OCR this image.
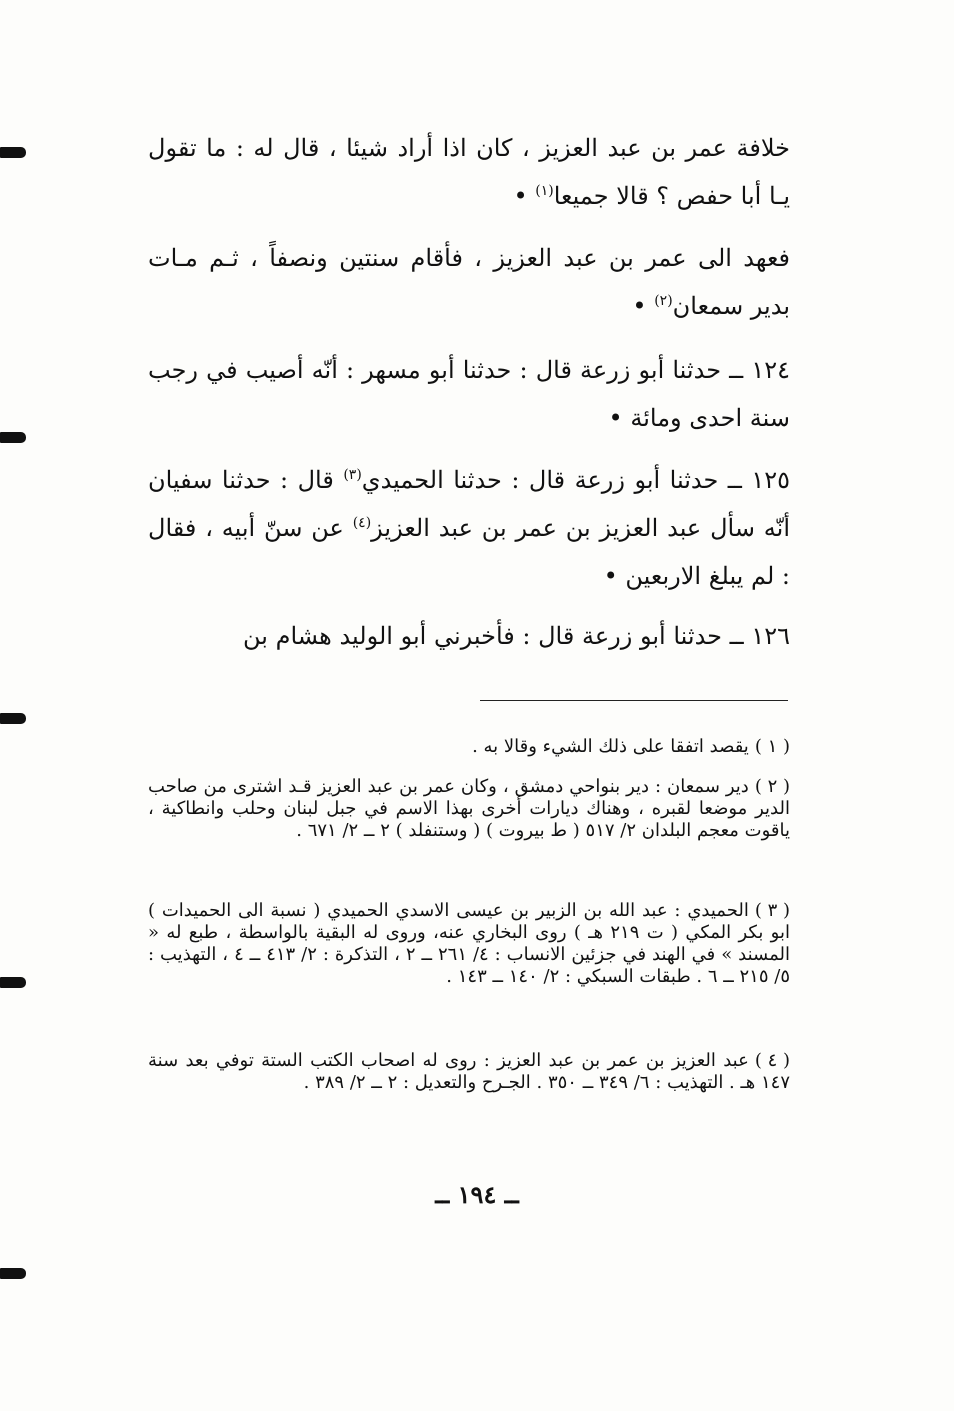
خلافة عمر بن عبد العزيز ، كان اذا أراد شيئا ، قال له : ما تقول يـا أبا حفص ؟ قالا جميعا$^{(١)}$ •

فعهد الى عمر بن عبد العزيز ، فأقام سنتين ونصفاً ، ثـم مـات بدير سمعان$^{(٢)}$ •

١٢٤ ــ حدثنا أبو زرعة قال : حدثنا أبو مسهر : أنّه أصيب في رجب سنة احدى ومائة •

١٢٥ ــ حدثنا أبو زرعة قال : حدثنا الحميدي$^{(٣)}$ قال : حدثنا سفيان أنّه سأل عبد العزيز بن عمر بن عبد العزيز$^{(٤)}$ عن سنّ أبيه ، فقال : لم يبلغ الاربعين •

١٢٦ ــ حدثنا أبو زرعة قال : فأخبرني أبو الوليد هشام بن

( ١ )يقصد اتفقا على ذلك الشيء وقالا به .

( ٢ )دير سمعان : دير بنواحي دمشق ، وكان عمر بن عبد العزيز قـد اشترى من صاحب الدير موضعا لقبره ، وهناك ديارات أخرى بهذا الاسم في جبل لبنان وحلب وانطاكية ، ياقوت معجم البلدان ٢/ ٥١٧ ( ط بيروت ) ( وستنفلد ) ٢ ــ ٢/ ٦٧١ .

( ٣ )الحميدي : عبد الله بن الزبير بن عيسى الاسدي الحميدي ( نسبة الى الحميدات ) ابو بكر المكي ( ت ٢١٩ هـ ) روى البخاري عنه، وروى له البقية بالواسطة ، طبع له « المسند » في الهند في جزئين الانساب : ٤/ ٢٦١ ــ ٢ ، التذكرة : ٢/ ٤١٣ ــ ٤ ، التهذيب : ٥/ ٢١٥ ــ ٦ . طبقات السبكي : ٢/ ١٤٠ ــ ١٤٣ .

( ٤ )عبد العزيز بن عمر بن عبد العزيز : روى له اصحاب الكتب الستة توفي بعد سنة ١٤٧ هـ . التهذيب : ٦/ ٣٤٩ ــ ٣٥٠ . الجـرح والتعديل : ٢ ــ ٢/ ٣٨٩ .

ــ ١٩٤ ــ
